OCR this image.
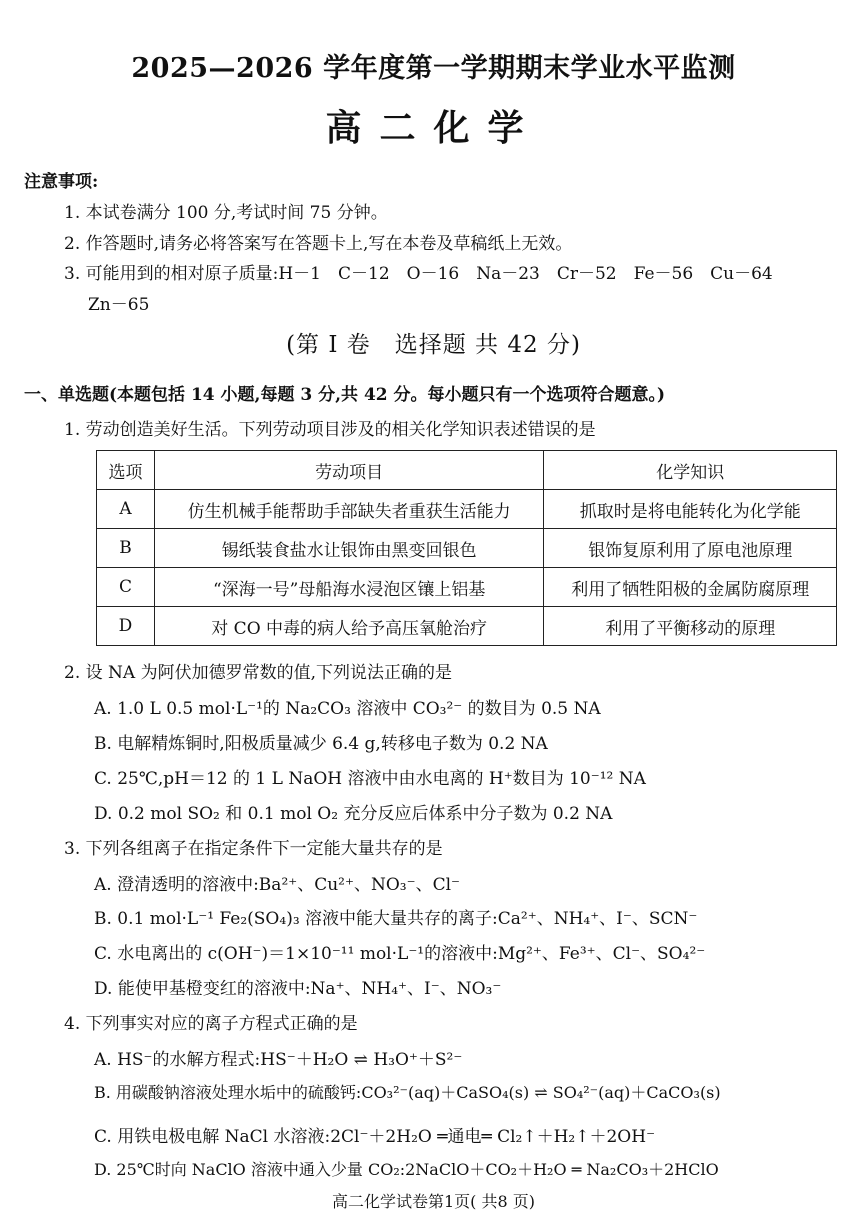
2025—2026 学年度第一学期期末学业水平监测
高二化学
注意事项:
1. 本试卷满分 100 分,考试时间 75 分钟。
2. 作答题时,请务必将答案写在答题卡上,写在本卷及草稿纸上无效。
3. 可能用到的相对原子质量:H－1　C－12　O－16　Na－23　Cr－52　Fe－56　Cu－64
Zn－65
(第 Ⅰ 卷　选择题 共 42 分)
一、单选题(本题包括 14 小题,每题 3 分,共 42 分。每小题只有一个选项符合题意。)
1. 劳动创造美好生活。下列劳动项目涉及的相关化学知识表述错误的是
选项	劳动项目	化学知识
A	仿生机械手能帮助手部缺失者重获生活能力	抓取时是将电能转化为化学能
B	锡纸装食盐水让银饰由黑变回银色	银饰复原利用了原电池原理
C	“深海一号”母船海水浸泡区镶上铝基	利用了牺牲阳极的金属防腐原理
D	对 CO 中毒的病人给予高压氧舱治疗	利用了平衡移动的原理
2. 设 NA 为阿伏加德罗常数的值,下列说法正确的是
A. 1.0 L 0.5 mol·L⁻¹的 Na₂CO₃ 溶液中 CO₃²⁻ 的数目为 0.5 NA
B. 电解精炼铜时,阳极质量减少 6.4 g,转移电子数为 0.2 NA
C. 25℃,pH＝12 的 1 L NaOH 溶液中由水电离的 H⁺数目为 10⁻¹² NA
D. 0.2 mol SO₂ 和 0.1 mol O₂ 充分反应后体系中分子数为 0.2 NA
3. 下列各组离子在指定条件下一定能大量共存的是
A. 澄清透明的溶液中:Ba²⁺、Cu²⁺、NO₃⁻、Cl⁻
B. 0.1 mol·L⁻¹ Fe₂(SO₄)₃ 溶液中能大量共存的离子:Ca²⁺、NH₄⁺、I⁻、SCN⁻
C. 水电离出的 c(OH⁻)＝1×10⁻¹¹ mol·L⁻¹的溶液中:Mg²⁺、Fe³⁺、Cl⁻、SO₄²⁻
D. 能使甲基橙变红的溶液中:Na⁺、NH₄⁺、I⁻、NO₃⁻
4. 下列事实对应的离子方程式正确的是
A. HS⁻的水解方程式:HS⁻＋H₂O ⇌ H₃O⁺＋S²⁻
B. 用碳酸钠溶液处理水垢中的硫酸钙:CO₃²⁻(aq)＋CaSO₄(s) ⇌ SO₄²⁻(aq)＋CaCO₃(s)
C. 用铁电极电解 NaCl 水溶液:2Cl⁻＋2H₂O ═通电═ Cl₂↑＋H₂↑＋2OH⁻
D. 25℃时向 NaClO 溶液中通入少量 CO₂:2NaClO＋CO₂＋H₂O ═ Na₂CO₃＋2HClO
高二化学试卷第1页( 共8 页)
